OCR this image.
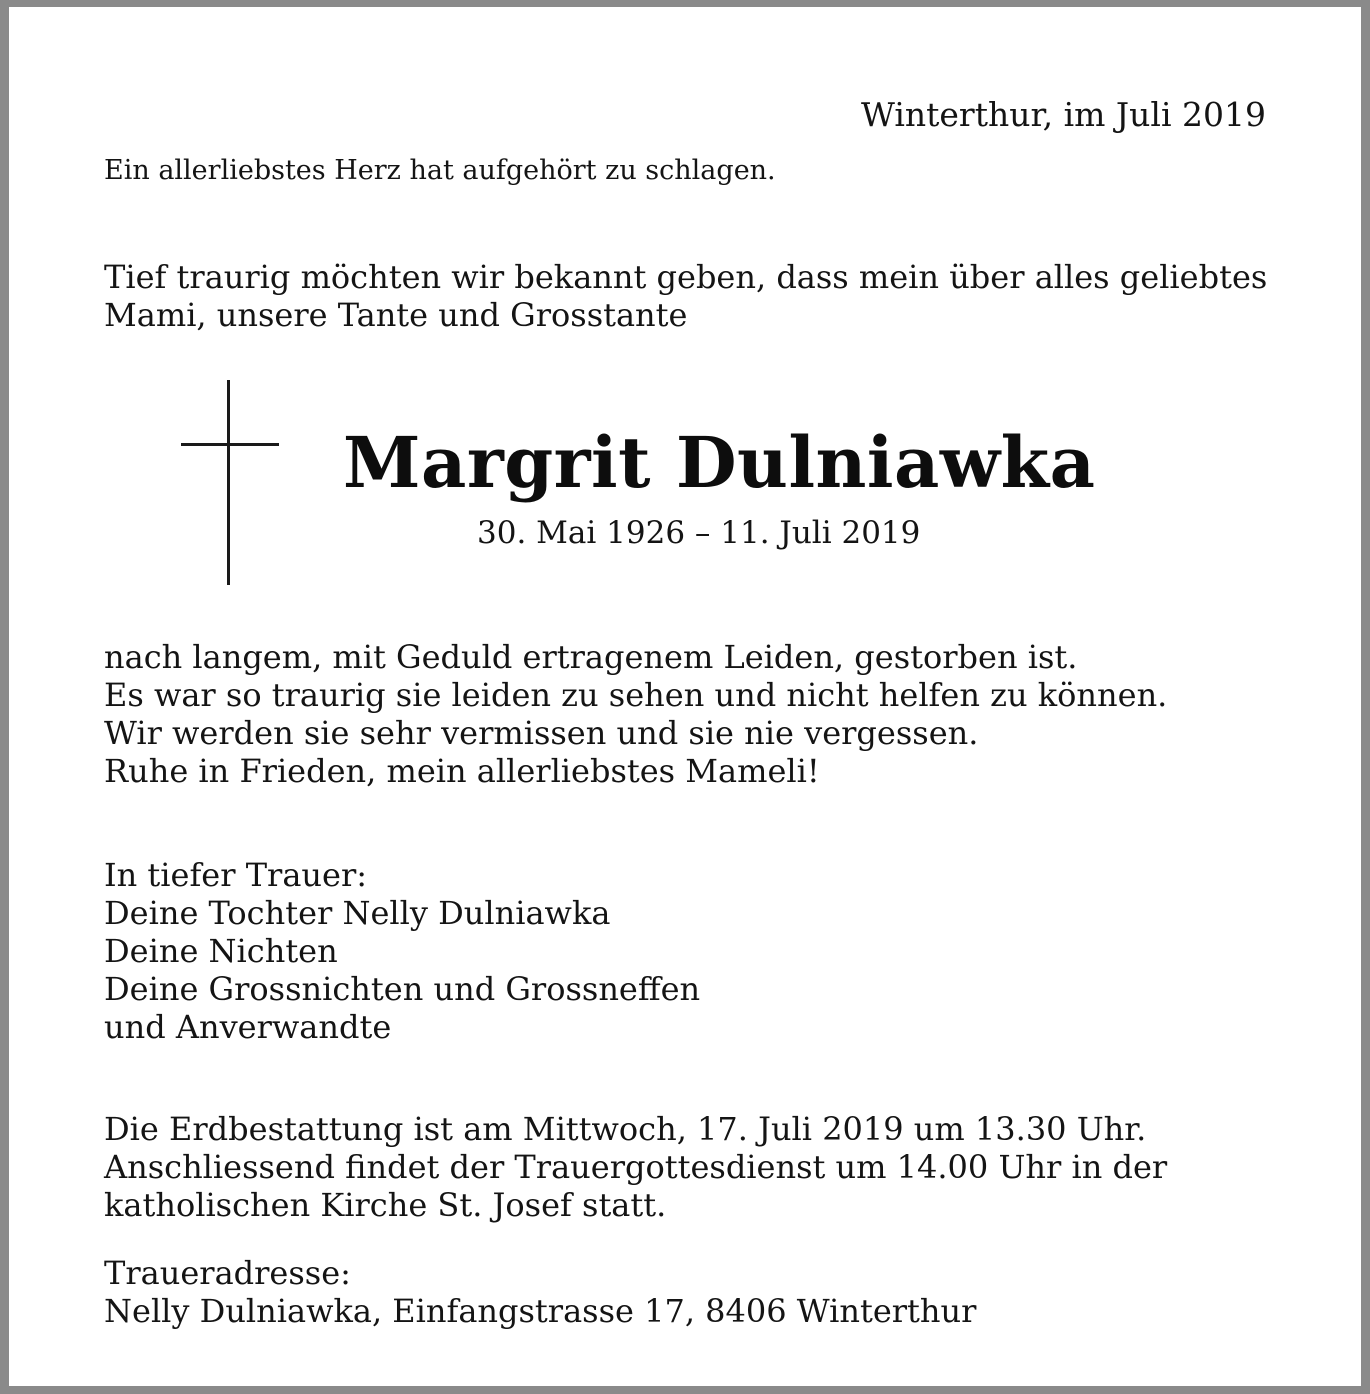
Winterthur, im Juli 2019
Ein allerliebstes Herz hat aufgehört zu schlagen.
Tief traurig möchten wir bekannt geben, dass mein über alles geliebtes
Mami, unsere Tante und Grosstante
Margrit Dulniawka
30. Mai 1926 – 11. Juli 2019
nach langem, mit Geduld ertragenem Leiden, gestorben ist.
Es war so traurig sie leiden zu sehen und nicht helfen zu können.
Wir werden sie sehr vermissen und sie nie vergessen.
Ruhe in Frieden, mein allerliebstes Mameli!
In tiefer Trauer:
Deine Tochter Nelly Dulniawka
Deine Nichten
Deine Grossnichten und Grossneffen
und Anverwandte
Die Erdbestattung ist am Mittwoch, 17. Juli 2019 um 13.30 Uhr.
Anschliessend findet der Trauergottesdienst um 14.00 Uhr in der
katholischen Kirche St. Josef statt.
Traueradresse:
Nelly Dulniawka, Einfangstrasse 17, 8406 Winterthur
